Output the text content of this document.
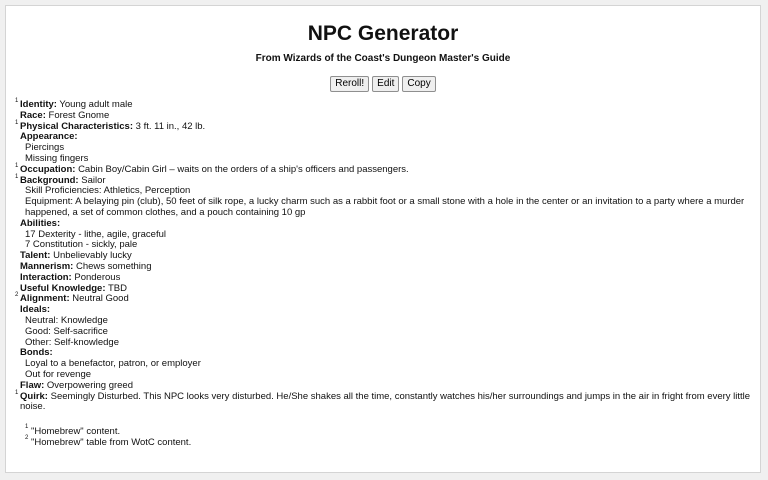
NPC Generator
From Wizards of the Coast's Dungeon Master's Guide
Reroll!	Edit	Copy
1 Identity: Young adult male
Race: Forest Gnome
1 Physical Characteristics: 3 ft. 11 in., 42 lb.
Appearance:
Piercings
Missing fingers
1 Occupation: Cabin Boy/Cabin Girl – waits on the orders of a ship's officers and passengers.
1 Background: Sailor
Skill Proficiencies: Athletics, Perception
Equipment: A belaying pin (club), 50 feet of silk rope, a lucky charm such as a rabbit foot or a small stone with a hole in the center or an invitation to a party where a murder happened, a set of common clothes, and a pouch containing 10 gp
Abilities:
17 Dexterity - lithe, agile, graceful
7 Constitution - sickly, pale
Talent: Unbelievably lucky
Mannerism: Chews something
Interaction: Ponderous
Useful Knowledge: TBD
2 Alignment: Neutral Good
Ideals:
Neutral: Knowledge
Good: Self-sacrifice
Other: Self-knowledge
Bonds:
Loyal to a benefactor, patron, or employer
Out for revenge
Flaw: Overpowering greed
1 Quirk: Seemingly Disturbed. This NPC looks very disturbed. He/She shakes all the time, constantly watches his/her surroundings and jumps in the air in fright from every little noise.
1 "Homebrew" content.
2 "Homebrew" table from WotC content.
